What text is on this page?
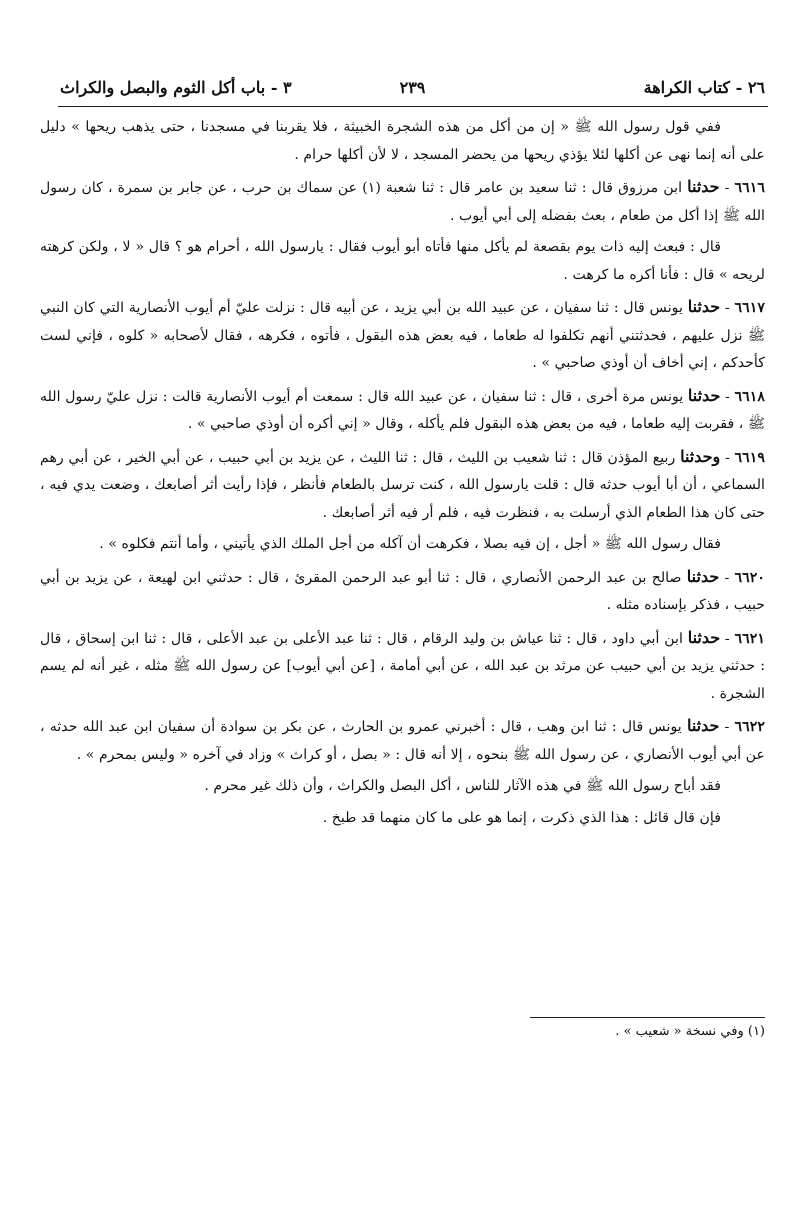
٢٦ - كتاب الكراهة
٢٣٩
٣ - باب أكل الثوم والبصل والكراث

ففي قول رسول الله ﷺ « إن من أكل من هذه الشجرة الخبيثة ، فلا يقربنا في مسجدنا ، حتى يذهب ريحها » دليل على أنه إنما نهى عن أكلها لئلا يؤذي ريحها من يحضر المسجد ، لا لأن أكلها حرام .

٦٦١٦ - حدثنا ابن مرزوق قال : ثنا سعيد بن عامر قال : ثنا شعبة (١) عن سماك بن حرب ، عن جابر بن سمرة ، كان رسول الله ﷺ إذا أكل من طعام ، بعث بفضله إلى أبي أيوب .

قال : فبعث إليه ذات يوم بقصعة لم يأكل منها فأتاه أبو أيوب فقال : يارسول الله ، أحرام هو ؟ قال « لا ، ولكن كرهته لريحه » قال : فأنا أكره ما كرهت .

٦٦١٧ - حدثنا يونس قال : ثنا سفيان ، عن عبيد الله بن أبي يزيد ، عن أبيه قال : نزلت عليّ أم أيوب الأنصارية التي كان النبي ﷺ نزل عليهم ، فحدثتني أنهم تكلفوا له طعاما ، فيه بعض هذه البقول ، فأتوه ، فكرهه ، فقال لأصحابه « كلوه ، فإني لست كأحدكم ، إني أخاف أن أوذي صاحبي » .

٦٦١٨ - حدثنا يونس مرة أخرى ، قال : ثنا سفيان ، عن عبيد الله قال : سمعت أم أيوب الأنصارية قالت : نزل عليّ رسول الله ﷺ ، فقربت إليه طعاما ، فيه من بعض هذه البقول فلم يأكله ، وقال « إني أكره أن أوذي صاحبي » .

٦٦١٩ - وحدثنا ربيع المؤذن قال : ثنا شعيب بن الليث ، قال : ثنا الليث ، عن يزيد بن أبي حبيب ، عن أبي الخير ، عن أبي رهم السماعي ، أن أبا أيوب حدثه قال : قلت يارسول الله ، كنت ترسل بالطعام فأنظر ، فإذا رأيت أثر أصابعك ، وضعت يدي فيه ، حتى كان هذا الطعام الذي أرسلت به ، فنظرت فيه ، فلم أر فيه أثر أصابعك .

فقال رسول الله ﷺ « أجل ، إن فيه بصلا ، فكرهت أن آكله من أجل الملك الذي يأتيني ، وأما أنتم فكلوه » .

٦٦٢٠ - حدثنا صالح بن عبد الرحمن الأنصاري ، قال : ثنا أبو عبد الرحمن المقرئ ، قال : حدثني ابن لهيعة ، عن يزيد بن أبي حبيب ، فذكر بإسناده مثله .

٦٦٢١ - حدثنا ابن أبي داود ، قال : ثنا عياش بن وليد الرقام ، قال : ثنا عبد الأعلى بن عبد الأعلى ، قال : ثنا ابن إسحاق ، قال : حدثني يزيد بن أبي حبيب عن مرثد بن عبد الله ، عن أبي أمامة ، [عن أبي أيوب] عن رسول الله ﷺ مثله ، غير أنه لم يسم الشجرة .

٦٦٢٢ - حدثنا يونس قال : ثنا ابن وهب ، قال : أخبرني عمرو بن الحارث ، عن بكر بن سوادة أن سفيان ابن عبد الله حدثه ، عن أبي أيوب الأنصاري ، عن رسول الله ﷺ بنحوه ، إلا أنه قال : « بصل ، أو كراث » وزاد في آخره « وليس بمحرم » .

فقد أباح رسول الله ﷺ في هذه الآثار للناس ، أكل البصل والكراث ، وأن ذلك غير محرم .

فإن قال قائل : هذا الذي ذكرت ، إنما هو على ما كان منهما قد طبخ .

(١) وفي نسخة « شعيب » .
